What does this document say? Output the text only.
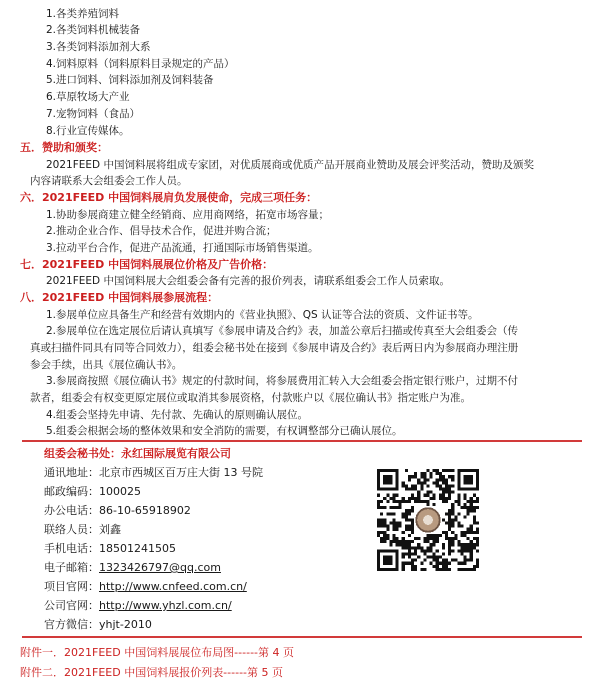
1.各类养殖饲料
2.各类饲料机械装备
3.各类饲料添加剂大系
4.饲料原料（饲料原料目录规定的产品）
5.进口饲料、饲料添加剂及饲料装备
6.草原牧场大产业
7.宠物饲料（食品）
8.行业宣传媒体。
五．赞助和颁奖：
2021FEED 中国饲料展将组成专家团，对优质展商或优质产品开展商业赞助及展会评奖活动，赞助及颁奖
内容请联系大会组委会工作人员。
六．2021FEED 中国饲料展肩负发展使命，完成三项任务：
1.协助参展商建立健全经销商、应用商网络，拓宽市场容量；
2.推动企业合作、倡导技术合作，促进并购合流；
3.拉动平台合作，促进产品流通，打通国际市场销售渠道。
七．2021FEED 中国饲料展展位价格及广告价格：
2021FEED 中国饲料展大会组委会备有完善的报价列表，请联系组委会工作人员索取。
八．2021FEED 中国饲料展参展流程：
1.参展单位应具备生产和经营有效期内的《营业执照》、QS 认证等合法的资质、文件证书等。
2.参展单位在选定展位后请认真填写《参展申请及合约》表，加盖公章后扫描或传真至大会组委会（传
真或扫描件同具有同等合同效力），组委会秘书处在接到《参展申请及合约》表后两日内为参展商办理注册
参会手续，出具《展位确认书》。
3.参展商按照《展位确认书》规定的付款时间，将参展费用汇转入大会组委会指定银行账户，过期不付
款者，组委会有权变更原定展位或取消其参展资格，付款账户以《展位确认书》指定账户为准。
4.组委会坚持先申请、先付款、先确认的原则确认展位。
5.组委会根据会场的整体效果和安全消防的需要，有权调整部分已确认展位。
组委会秘书处：永红国际展览有限公司
通讯地址：北京市西城区百万庄大街 13 号院
邮政编码：100025
办公电话：86-10-65918902
联络人员：刘鑫
手机电话：18501241505
电子邮箱：1323426797@qq.com
项目官网：http://www.cnfeed.com.cn/
公司官网：http://www.yhzl.com.cn/
官方微信：yhjt-2010
附件一．2021FEED 中国饲料展展位布局图------第 4 页
附件二．2021FEED 中国饲料展报价列表------第 5 页
